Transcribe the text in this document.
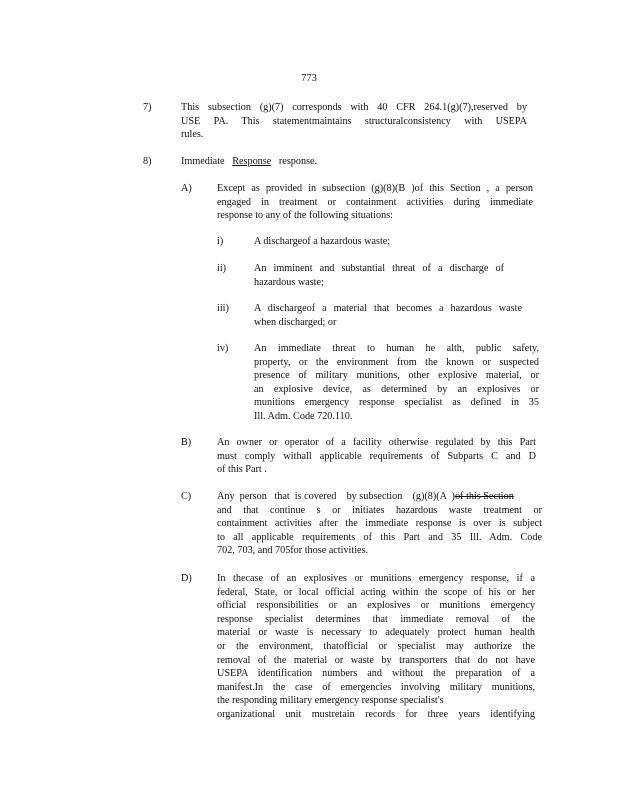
773
7)	This subsection (g)(7) corresponds with 40 CFR 264.1(g)(7),reserved by
USE PA. This statementmaintains structuralconsistency with USEPA
rules.
8)	Immediate   Response   response.
A) Except as provided in subsection (g)(8)(B )of this Section , a person
engaged in treatment or containment activities during immediate
response to any of the following situations:
i)	A dischargeof a hazardous waste;
ii)	An imminent and substantial threat of a discharge of
hazardous waste;
iii) A dischargeof a material that becomes a hazardous waste
when discharged; or
iv)	An immediate threat to human he alth, public safety,
property, or the environment from the known or suspected
presence of military munitions, other explosive material, or
an explosive device, as determined by an explosives or
munitions emergency response specialist as defined in 35
Ill. Adm. Code 720.110.
B)	An owner or operator of a facility otherwise regulated by this Part
must comply withall applicable requirements of Subparts C and D
of this Part .
C)	Any  person   that  is covered    by subsection    (g)(8)(A  )of this Section
and that continue s or initiates hazardous waste treatment or
containment activities after the immediate response is over is subject
to all applicable requirements of this Part and 35 Ill. Adm. Code
702, 703, and 705for those activities.
D) In thecase of an explosives or munitions emergency response, if a
federal, State, or local official acting within the scope of his or her
official responsibilities or an explosives or munitions emergency
response specialist determines that immediate removal of the
material or waste is necessary to adequately protect human health
or the environment, thatofficial or specialist may authorize the
removal of the material or waste by transporters that do not have
USEPA identification numbers and without the preparation of a
manifest.In the case of emergencies involving military munitions,
the responding military emergency response specialist's
organizational unit mustretain records for three years identifying
